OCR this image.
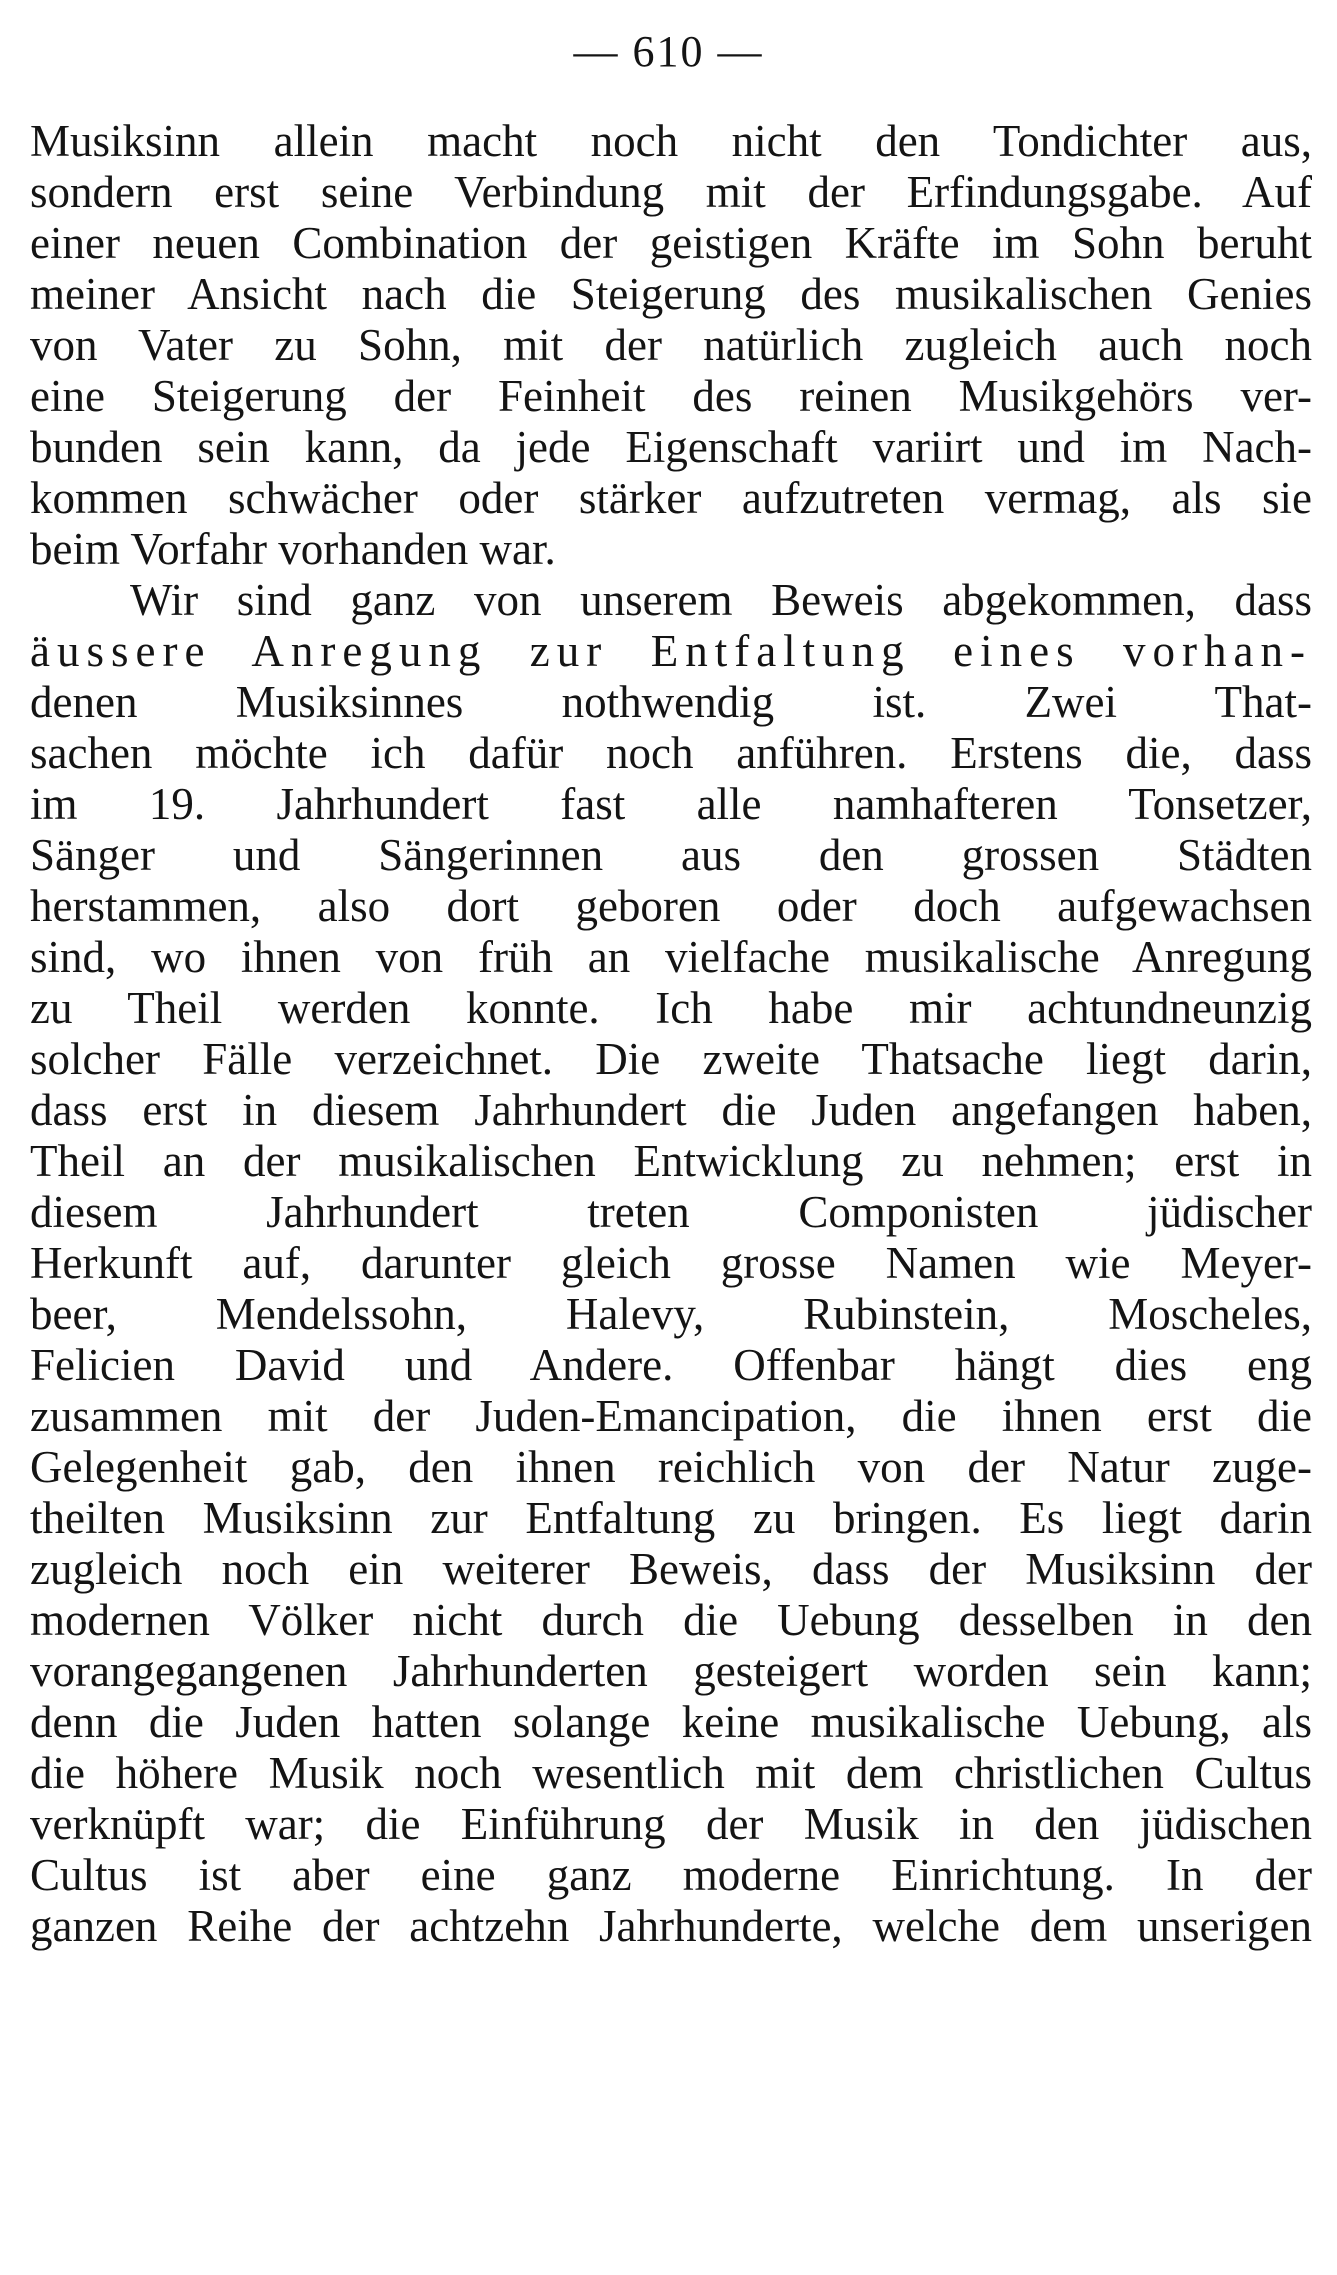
— 610 —
Musiksinn allein macht noch nicht den Tondichter aus,
sondern erst seine Verbindung mit der Erfindungsgabe. Auf
einer neuen Combination der geistigen Kräfte im Sohn beruht
meiner Ansicht nach die Steigerung des musikalischen Genies
von Vater zu Sohn, mit der natürlich zugleich auch noch
eine Steigerung der Feinheit des reinen Musikgehörs ver-
bunden sein kann, da jede Eigenschaft variirt und im Nach-
kommen schwächer oder stärker aufzutreten vermag, als sie
beim Vorfahr vorhanden war.
Wir sind ganz von unserem Beweis abgekommen, dass
äussere Anregung zur Entfaltung eines vorhan-
denen Musiksinnes nothwendig ist. Zwei That-
sachen möchte ich dafür noch anführen. Erstens die, dass
im 19. Jahrhundert fast alle namhafteren Tonsetzer,
Sänger und Sängerinnen aus den grossen Städten
herstammen, also dort geboren oder doch aufgewachsen
sind, wo ihnen von früh an vielfache musikalische Anregung
zu Theil werden konnte. Ich habe mir achtundneunzig
solcher Fälle verzeichnet. Die zweite Thatsache liegt darin,
dass erst in diesem Jahrhundert die Juden angefangen haben,
Theil an der musikalischen Entwicklung zu nehmen; erst in
diesem Jahrhundert treten Componisten jüdischer
Herkunft auf, darunter gleich grosse Namen wie Meyer-
beer, Mendelssohn, Halevy, Rubinstein, Moscheles,
Felicien David und Andere. Offenbar hängt dies eng
zusammen mit der Juden-Emancipation, die ihnen erst die
Gelegenheit gab, den ihnen reichlich von der Natur zuge-
theilten Musiksinn zur Entfaltung zu bringen. Es liegt darin
zugleich noch ein weiterer Beweis, dass der Musiksinn der
modernen Völker nicht durch die Uebung desselben in den
vorangegangenen Jahrhunderten gesteigert worden sein kann;
denn die Juden hatten solange keine musikalische Uebung, als
die höhere Musik noch wesentlich mit dem christlichen Cultus
verknüpft war; die Einführung der Musik in den jüdischen
Cultus ist aber eine ganz moderne Einrichtung. In der
ganzen Reihe der achtzehn Jahrhunderte, welche dem unserigen
